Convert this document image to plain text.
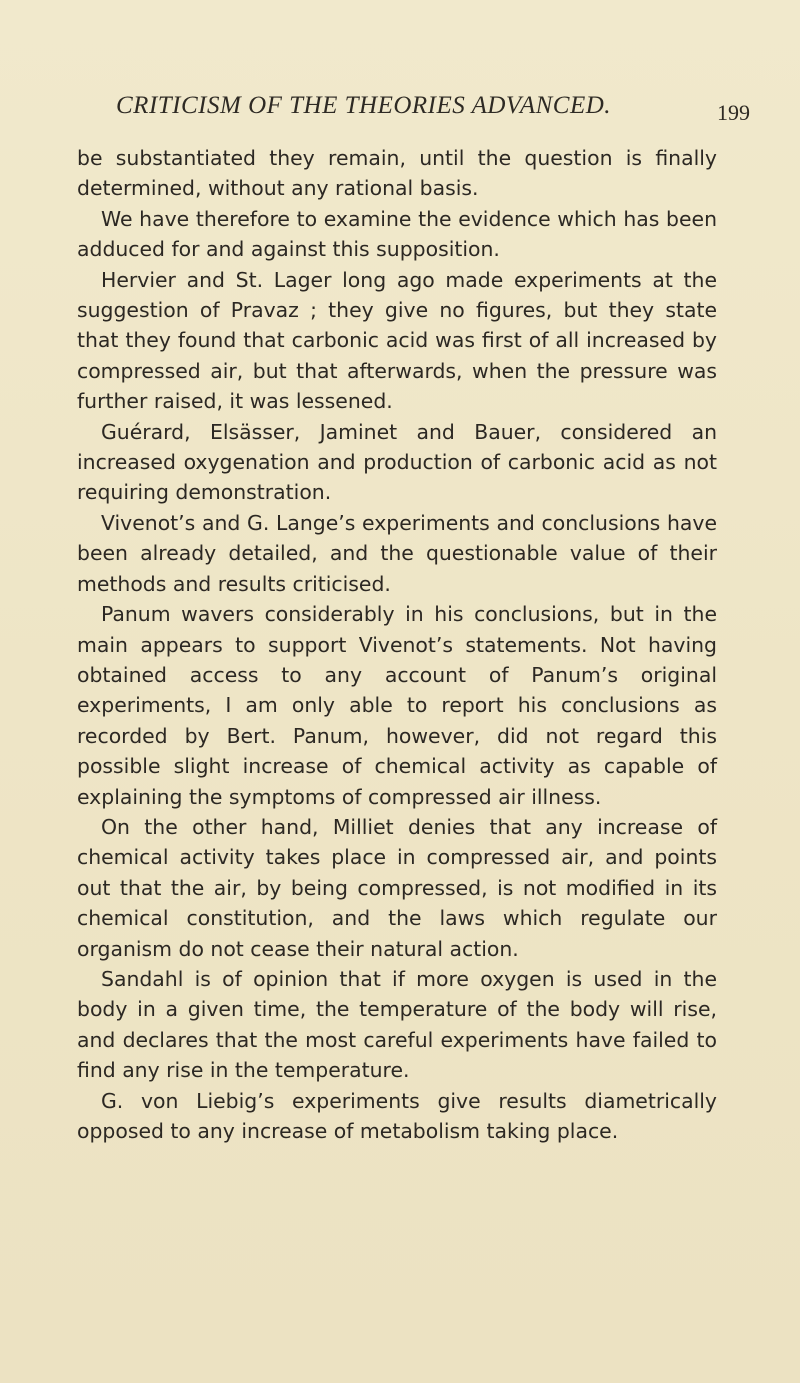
CRITICISM OF THE THEORIES ADVANCED.	199

be substantiated they remain, until the question is finally determined, without any rational basis.

We have therefore to examine the evidence which has been adduced for and against this supposition.

Hervier and St. Lager long ago made experiments at the suggestion of Pravaz ; they give no figures, but they state that they found that carbonic acid was first of all increased by compressed air, but that afterwards, when the pressure was further raised, it was lessened.

Guérard, Elsässer, Jaminet and Bauer, considered an increased oxygenation and production of carbonic acid as not requiring demonstration.

Vivenot’s and G. Lange’s experiments and conclusions have been already detailed, and the questionable value of their methods and results criticised.

Panum wavers considerably in his conclusions, but in the main appears to support Vivenot’s statements. Not having obtained access to any account of Panum’s original experiments, I am only able to report his conclusions as recorded by Bert. Panum, however, did not regard this possible slight increase of chemical activity as capable of explaining the symptoms of compressed air illness.

On the other hand, Milliet denies that any increase of chemical activity takes place in compressed air, and points out that the air, by being compressed, is not modified in its chemical constitution, and the laws which regulate our organism do not cease their natural action.

Sandahl is of opinion that if more oxygen is used in the body in a given time, the temperature of the body will rise, and declares that the most careful experiments have failed to find any rise in the temperature.

G. von Liebig’s experiments give results diametrically opposed to any increase of metabolism taking place.
